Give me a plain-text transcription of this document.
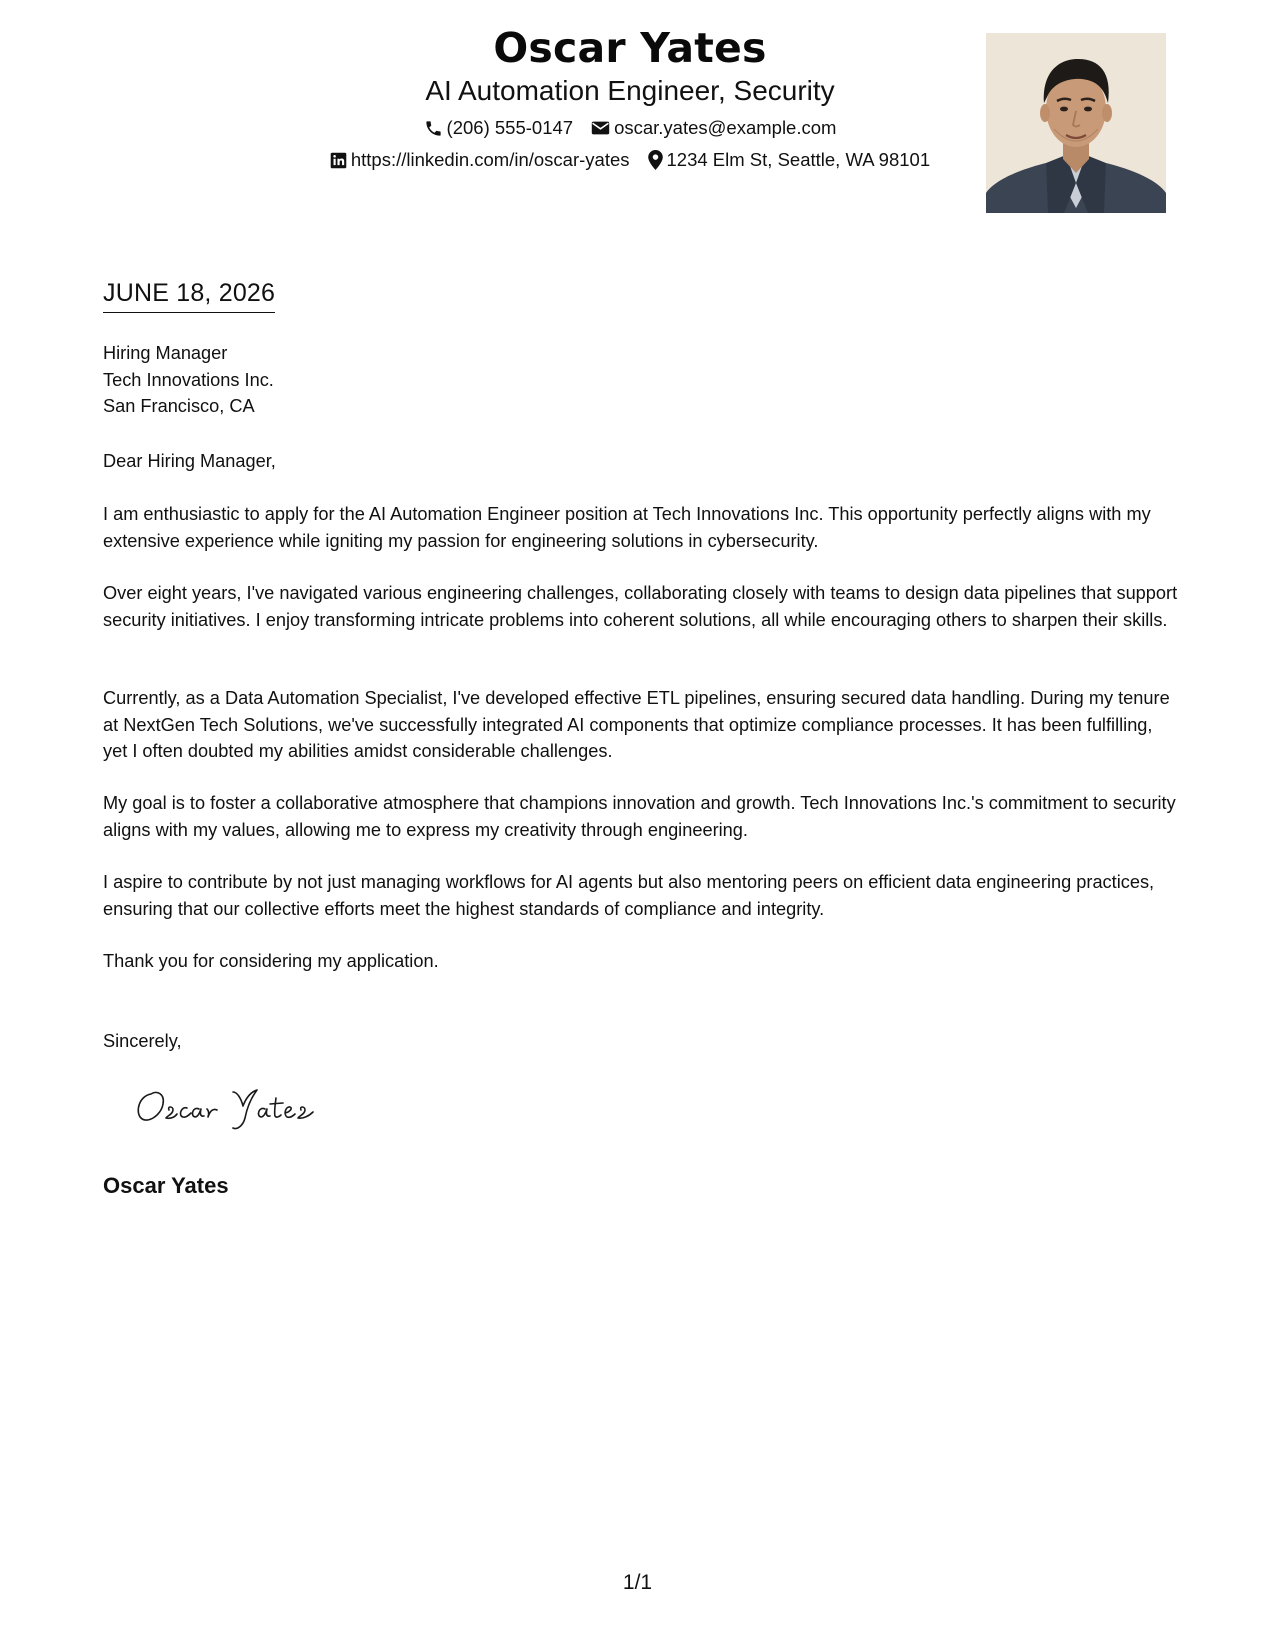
Oscar Yates
AI Automation Engineer, Security
(206) 555-0147 oscar.yates@example.com
https://linkedin.com/in/oscar-yates 1234 Elm St, Seattle, WA 98101
JUNE 18, 2026
Hiring Manager
Tech Innovations Inc.
San Francisco, CA
Dear Hiring Manager,

I am enthusiastic to apply for the AI Automation Engineer position at Tech Innovations Inc. This opportunity perfectly aligns with my extensive experience while igniting my passion for engineering solutions in cybersecurity.

Over eight years, I've navigated various engineering challenges, collaborating closely with teams to design data pipelines that support security initiatives. I enjoy transforming intricate problems into coherent solutions, all while encouraging others to sharpen their skills.

Currently, as a Data Automation Specialist, I've developed effective ETL pipelines, ensuring secured data handling. During my tenure at NextGen Tech Solutions, we've successfully integrated AI components that optimize compliance processes. It has been fulfilling, yet I often doubted my abilities amidst considerable challenges.

My goal is to foster a collaborative atmosphere that champions innovation and growth. Tech Innovations Inc.'s commitment to security aligns with my values, allowing me to express my creativity through engineering.

I aspire to contribute by not just managing workflows for AI agents but also mentoring peers on efficient data engineering practices, ensuring that our collective efforts meet the highest standards of compliance and integrity.

Thank you for considering my application.

Sincerely,
Oscar Yates
1/1
